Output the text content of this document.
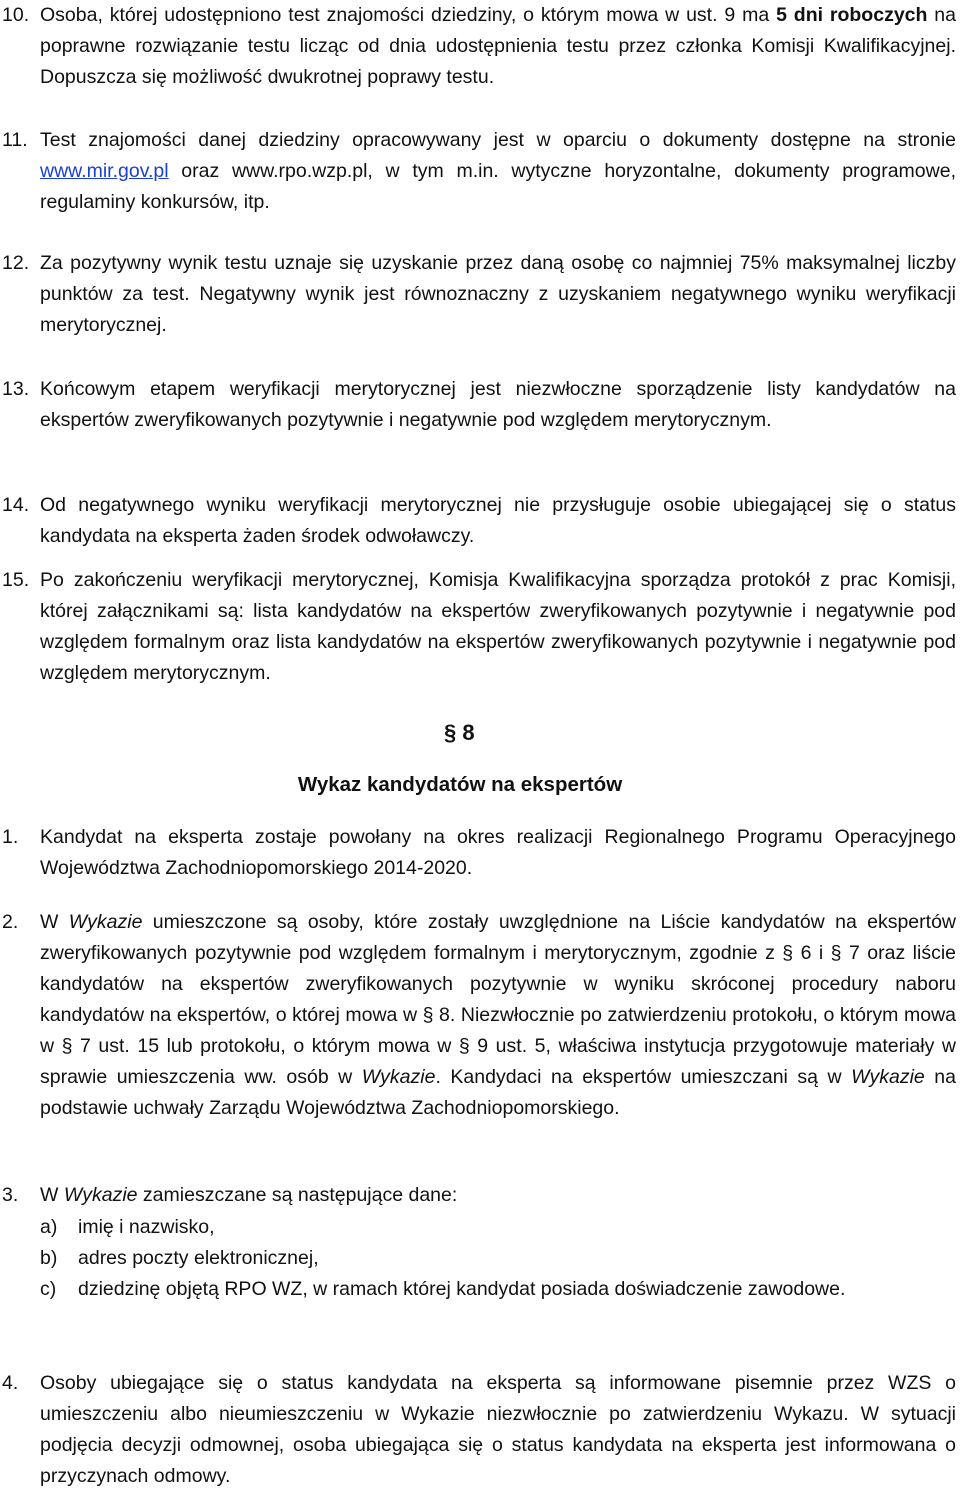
10. Osoba, której udostępniono test znajomości dziedziny, o którym mowa w ust. 9 ma 5 dni roboczych na poprawne rozwiązanie testu licząc od dnia udostępnienia testu przez członka Komisji Kwalifikacyjnej. Dopuszcza się możliwość dwukrotnej poprawy testu.
11. Test znajomości danej dziedziny opracowywany jest w oparciu o dokumenty dostępne na stronie www.mir.gov.pl oraz www.rpo.wzp.pl, w tym m.in. wytyczne horyzontalne, dokumenty programowe, regulaminy konkursów, itp.
12. Za pozytywny wynik testu uznaje się uzyskanie przez daną osobę co najmniej 75% maksymalnej liczby punktów za test. Negatywny wynik jest równoznaczny z uzyskaniem negatywnego wyniku weryfikacji merytorycznej.
13. Końcowym etapem weryfikacji merytorycznej jest niezwłoczne sporządzenie listy kandydatów na ekspertów zweryfikowanych pozytywnie i negatywnie pod względem merytorycznym.
14. Od negatywnego wyniku weryfikacji merytorycznej nie przysługuje osobie ubiegającej się o status kandydata na eksperta żaden środek odwoławczy.
15. Po zakończeniu weryfikacji merytorycznej, Komisja Kwalifikacyjna sporządza protokół z prac Komisji, której załącznikami są: lista kandydatów na ekspertów zweryfikowanych pozytywnie i negatywnie pod względem formalnym oraz lista kandydatów na ekspertów zweryfikowanych pozytywnie i negatywnie pod względem merytorycznym.
§ 8
Wykaz kandydatów na ekspertów
1. Kandydat na eksperta zostaje powołany na okres realizacji Regionalnego Programu Operacyjnego Województwa Zachodniopomorskiego 2014-2020.
2. W Wykazie umieszczone są osoby, które zostały uwzględnione na Liście kandydatów na ekspertów zweryfikowanych pozytywnie pod względem formalnym i merytorycznym, zgodnie z § 6 i § 7 oraz liście kandydatów na ekspertów zweryfikowanych pozytywnie w wyniku skróconej procedury naboru kandydatów na ekspertów, o której mowa w § 8. Niezwłocznie po zatwierdzeniu protokołu, o którym mowa w § 7 ust. 15 lub protokołu, o którym mowa w § 9 ust. 5, właściwa instytucja przygotowuje materiały w sprawie umieszczenia ww. osób w Wykazie. Kandydaci na ekspertów umieszczani są w Wykazie na podstawie uchwały Zarządu Województwa Zachodniopomorskiego.
3. W Wykazie zamieszczane są następujące dane:
a) imię i nazwisko,
b) adres poczty elektronicznej,
c) dziedzinę objętą RPO WZ, w ramach której kandydat posiada doświadczenie zawodowe.
4. Osoby ubiegające się o status kandydata na eksperta są informowane pisemnie przez WZS o umieszczeniu albo nieumieszczeniu w Wykazie niezwłocznie po zatwierdzeniu Wykazu. W sytuacji podjęcia decyzji odmownej, osoba ubiegająca się o status kandydata na eksperta jest informowana o przyczynach odmowy.
